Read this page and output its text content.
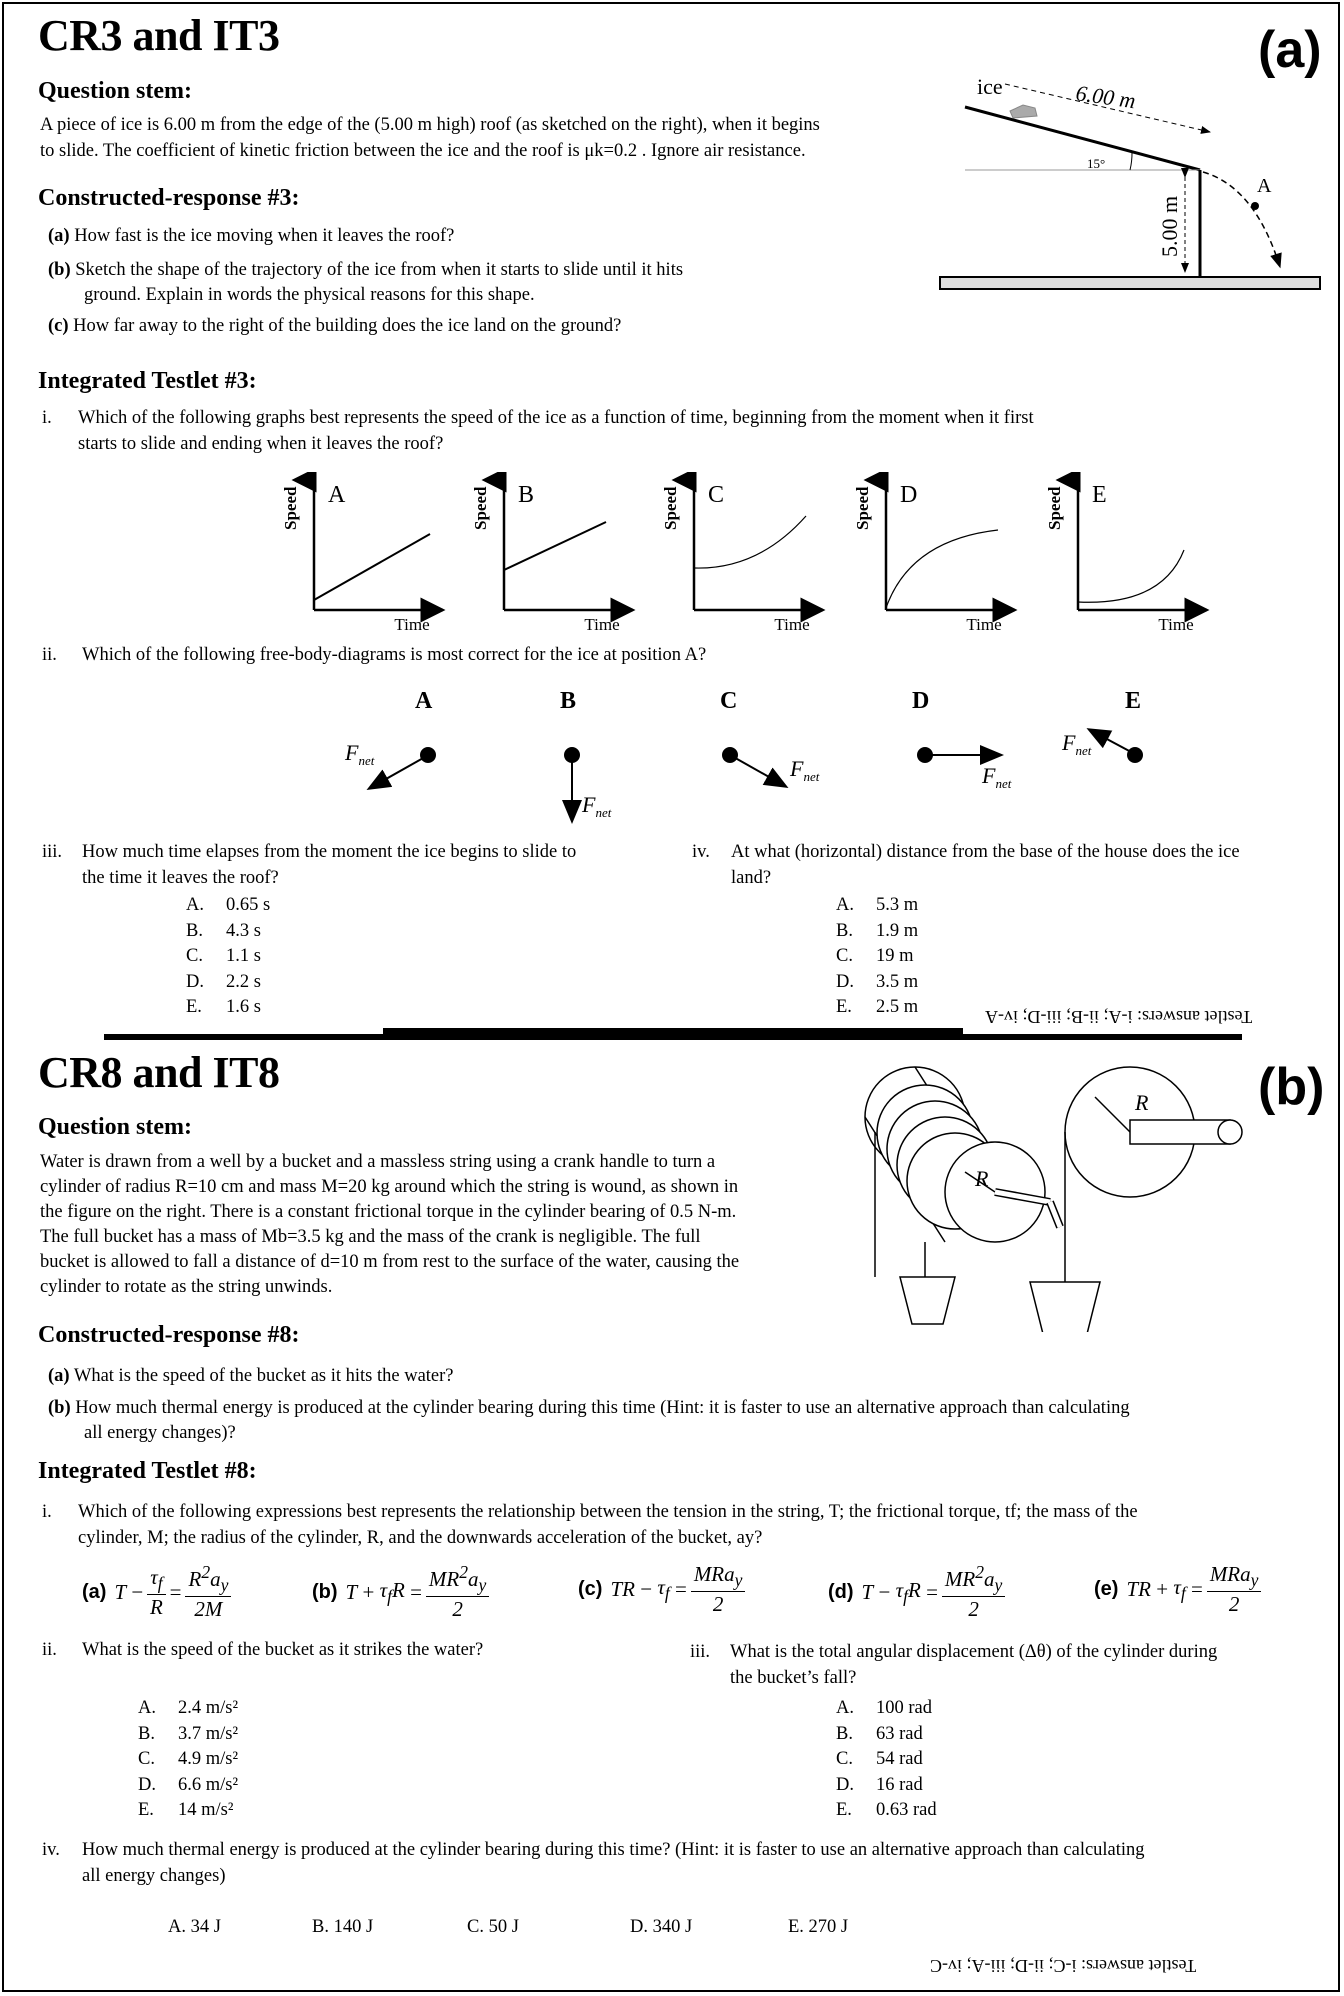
CR3 and IT3	(a)
Question stem:
A piece of ice is 6.00 m from the edge of the (5.00 m high) roof (as sketched on the right), when it begins
to slide. The coefficient of kinetic friction between the ice and the roof is μk=0.2 . Ignore air resistance.
ice	6.00 m
15°
5.00 m
A
Constructed-response #3:
(a) How fast is the ice moving when it leaves the roof?
(b) Sketch the shape of the trajectory of the ice from when it starts to slide until it hits
ground. Explain in words the physical reasons for this shape.
(c) How far away to the right of the building does the ice land on the ground?
Integrated Testlet #3:
i. Which of the following graphs best represents the speed of the ice as a function of time, beginning from the moment when it first
starts to slide and ending when it leaves the roof?
A
Speed
Time
B
Speed
Time
C
Speed
Time
D
Speed
Time
E
Speed
Time
ii. Which of the following free-body-diagrams is most correct for the ice at position A?
A
$F_{net}$
B
$F_{net}$
C
$F_{net}$
D
$F_{net}$
E
$F_{net}$
iii. How much time elapses from the moment the ice begins to slide to
the time it leaves the roof?
A. 0.65 s
B. 4.3 s
C. 1.1 s
D. 2.2 s
E. 1.6 s
iv. At what (horizontal) distance from the base of the house does the ice
land?
A. 5.3 m
B. 1.9 m
C. 19 m
D. 3.5 m
E. 2.5 m	Testlet answers: i-A; ii-B; iii-D; iv-A
CR8 and IT8	(b)
Question stem:
Water is drawn from a well by a bucket and a massless string using a crank handle to turn a
cylinder of radius R=10 cm and mass M=20 kg around which the string is wound, as shown in
the figure on the right. There is a constant frictional torque in the cylinder bearing of 0.5 N-m.
The full bucket has a mass of Mb=3.5 kg and the mass of the crank is negligible. The full
bucket is allowed to fall a distance of d=10 m from rest to the surface of the water, causing the
cylinder to rotate as the string unwinds.
R
R
Constructed-response #8:
(a) What is the speed of the bucket as it hits the water?
(b) How much thermal energy is produced at the cylinder bearing during this time (Hint: it is faster to use an alternative approach than calculating
all energy changes)?
Integrated Testlet #8:
i. Which of the following expressions best represents the relationship between the tension in the string, T; the frictional torque, tf; the mass of the
cylinder, M; the radius of the cylinder, R, and the downwards acceleration of the bucket, ay?
(a) $T - \frac{\tau_f}{R} = \frac{R^2a_y}{2M}$	(b) $T + \tau_fR = \frac{MR^2a_y}{2}$	(c) TR − $\tau_f = \frac{MRa_y}{2}$	(d) $T - \tau_fR = \frac{MR^2a_y}{2}$	(e) TR + $\tau_f = \frac{MRa_y}{2}$
ii. What is the speed of the bucket as it strikes the water?
A. 2.4 m/s²
B. 3.7 m/s²
C. 4.9 m/s²
D. 6.6 m/s²
E. 14 m/s²
iii. What is the total angular displacement (Δθ) of the cylinder during
the bucket’s fall?
A. 100 rad
B. 63 rad
C. 54 rad
D. 16 rad
E. 0.63 rad
iv. How much thermal energy is produced at the cylinder bearing during this time? (Hint: it is faster to use an alternative approach than calculating
all energy changes)
A. 34 J	B. 140 J	C. 50 J	D. 340 J	E. 270 J
Testlet answers: i-C; ii-D; iii-A; iv-C
